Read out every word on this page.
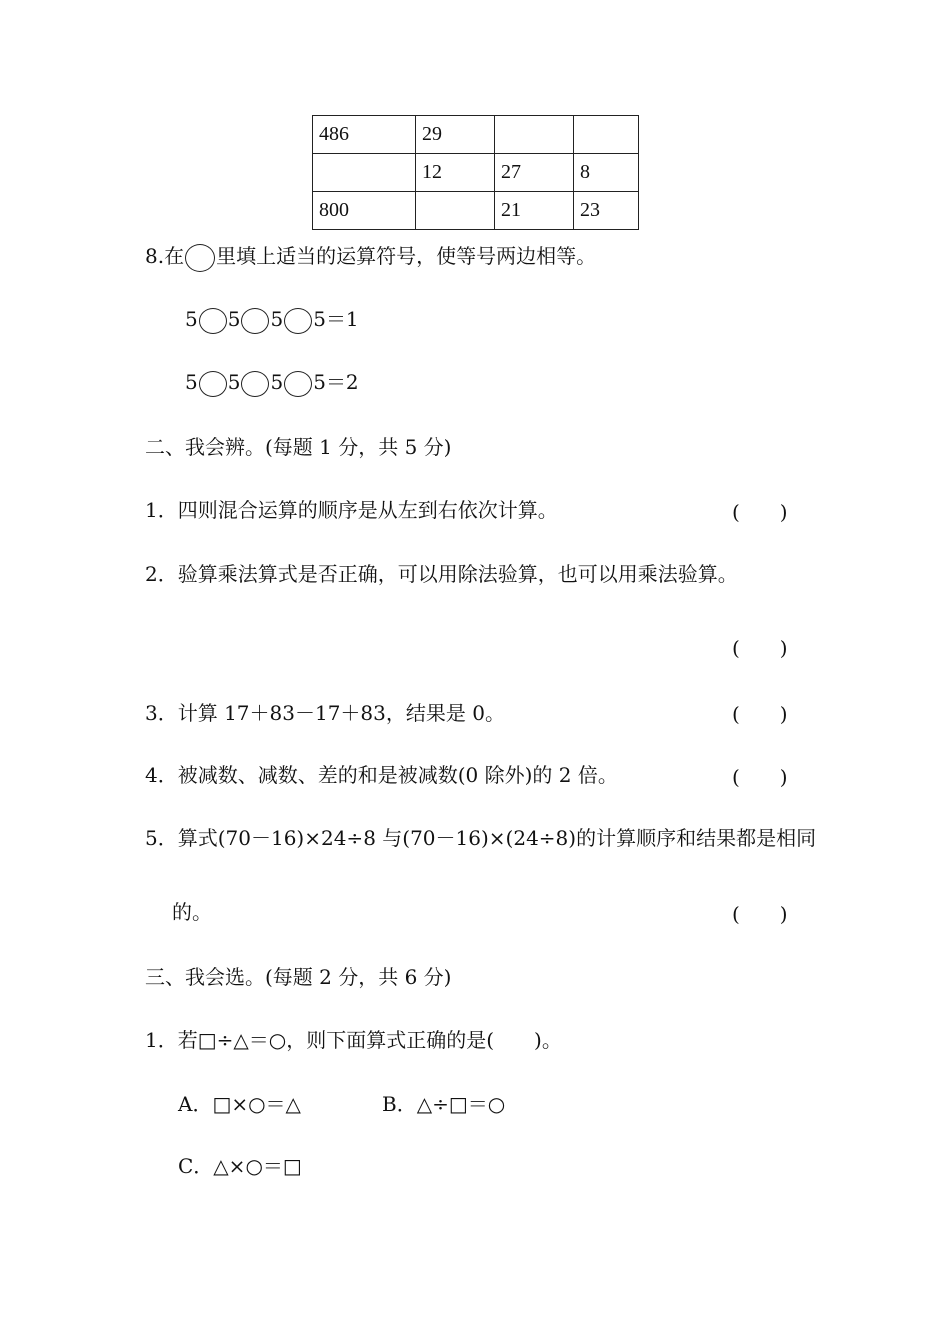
486	29		
	12	27	8
800		21	23
8.在 里填上适当的运算符号，使等号两边相等。
5 5 5 5＝1
5 5 5 5＝2
二、我会辨。(每题 1 分，共 5 分)
1．四则混合运算的顺序是从左到右依次计算。	(　　)
2．验算乘法算式是否正确，可以用除法验算，也可以用乘法验算。
(　　)
3．计算 17＋83－17＋83，结果是 0。	(　　)
4．被减数、减数、差的和是被减数(0 除外)的 2 倍。	(　　)
5．算式(70－16)×24÷8 与(70－16)×(24÷8)的计算顺序和结果都是相同
的。	(　　)
三、我会选。(每题 2 分，共 6 分)
1．若□÷△＝○，则下面算式正确的是(　　)。
A．□×○＝△	B．△÷□＝○
C．△×○＝□
